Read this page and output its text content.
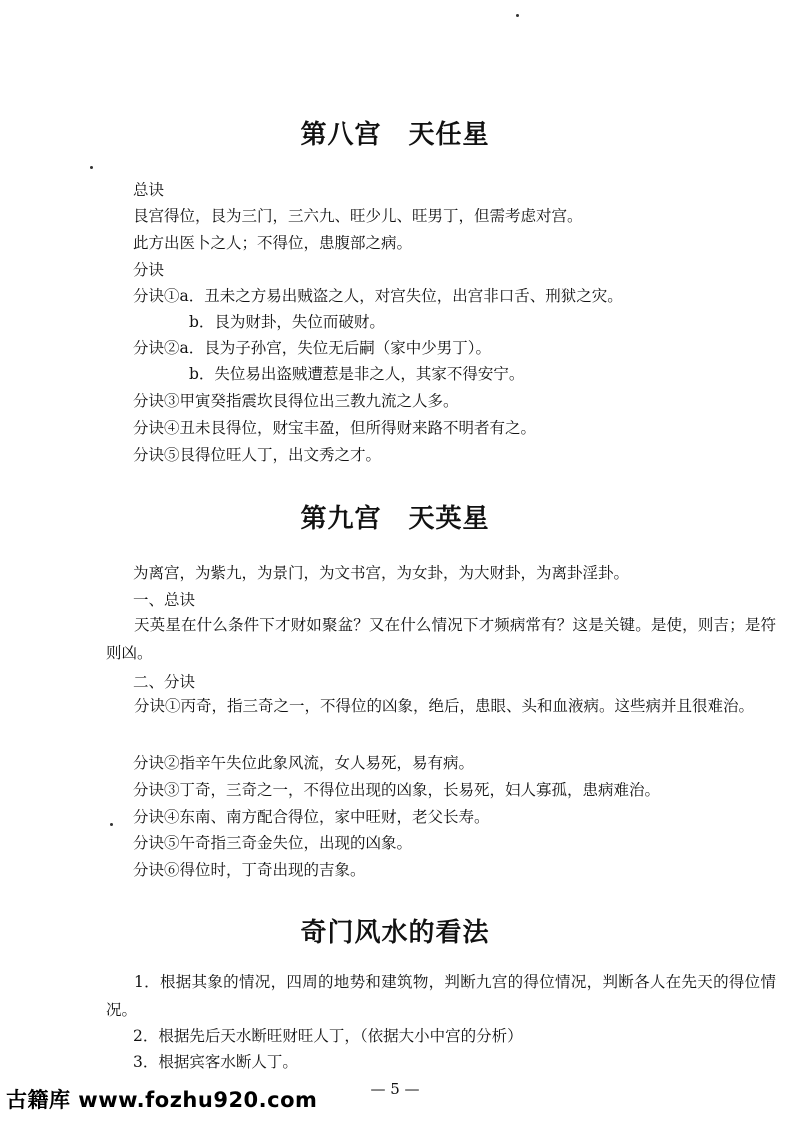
第八宫　天任星
总诀
艮宫得位，艮为三门，三六九、旺少儿、旺男丁，但需考虑对宫。
此方出医卜之人；不得位，患腹部之病。
分诀
分诀①a．丑未之方易出贼盗之人，对宫失位，出宫非口舌、刑狱之灾。
b．艮为财卦，失位而破财。
分诀②a．艮为子孙宫，失位无后嗣（家中少男丁）。
b．失位易出盗贼遭惹是非之人，其家不得安宁。
分诀③甲寅癸指震坎艮得位出三教九流之人多。
分诀④丑未艮得位，财宝丰盈，但所得财来路不明者有之。
分诀⑤艮得位旺人丁，出文秀之才。
第九宫　天英星
为离宫，为紫九，为景门，为文书宫，为女卦，为大财卦，为离卦淫卦。
一、总诀
天英星在什么条件下才财如聚盆？又在什么情况下才频病常有？这是关键。是使，则吉；是符则凶。
二、分诀
分诀①丙奇，指三奇之一，不得位的凶象，绝后，患眼、头和血液病。这些病并且很难治。
分诀②指辛午失位此象风流，女人易死，易有病。
分诀③丁奇，三奇之一，不得位出现的凶象，长易死，妇人寡孤，患病难治。
分诀④东南、南方配合得位，家中旺财，老父长寿。
分诀⑤午奇指三奇金失位，出现的凶象。
分诀⑥得位时，丁奇出现的吉象。
奇门风水的看法
1．根据其象的情况，四周的地势和建筑物，判断九宫的得位情况，判断各人在先天的得位情况。
2．根据先后天水断旺财旺人丁，（依据大小中宫的分析）
3．根据宾客水断人丁。
— 5 —
古籍库 www.fozhu920.com
